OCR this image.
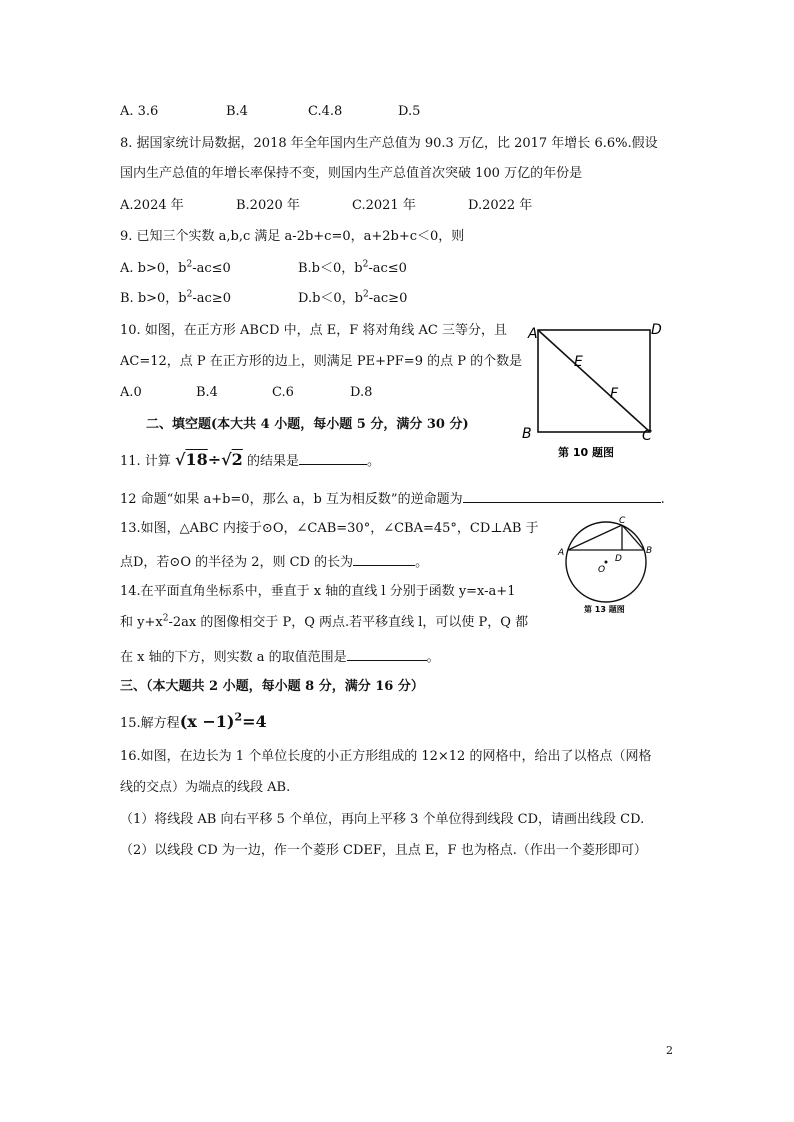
A. 3.6	B.4	C.4.8	D.5
8. 据国家统计局数据，2018 年全年国内生产总值为 90.3 万亿，比 2017 年增长 6.6%.假设
国内生产总值的年增长率保持不变，则国内生产总值首次突破 100 万亿的年份是
A.2024 年	B.2020 年	C.2021 年	D.2022 年
9. 已知三个实数 a,b,c 满足 a-2b+c=0，a+2b+c＜0，则
A. b>0，$b^2-ac\le 0$	B.b＜0，$b^2-ac\le 0$
B. b>0，$b^2-ac\ge 0$	D.b＜0，$b^2-ac\ge 0$
10. 如图，在正方形 ABCD 中，点 E，F 将对角线 AC 三等分，且
AC=12，点 P 在正方形的边上，则满足 PE+PF=9 的点 P 的个数是
A.0	B.4	C.6	D.8
A	D
B	C
E
F
第 10 题图
二、填空题(本大共 4 小题，每小题 5 分，满分 30 分)
11. 计算 √18÷√2 的结果是	。
12 命题“如果 a+b=0，那么 a，b 互为相反数”的逆命题为	.
13.如图，△ABC 内接于⊙O，∠CAB=30°，∠CBA=45°，CD⊥AB 于
点D，若⊙O 的半径为 2，则 CD 的长为	。
A	B
C
D
O
第 13 题图
14.在平面直角坐标系中，垂直于 x 轴的直线 l 分别于函数 y=x-a+1
和 $y+x^2-2ax$ 的图像相交于 P，Q 两点.若平移直线 l，可以使 P，Q 都
在 x 轴的下方，则实数 a 的取值范围是	。
三、（本大题共 2 小题，每小题 8 分，满分 16 分）
15.解方程$(x -1)^2=4$
16.如图，在边长为 1 个单位长度的小正方形组成的 12×12 的网格中，给出了以格点（网格
线的交点）为端点的线段 AB.
（1）将线段 AB 向右平移 5 个单位，再向上平移 3 个单位得到线段 CD，请画出线段 CD.
（2）以线段 CD 为一边，作一个菱形 CDEF，且点 E，F 也为格点.（作出一个菱形即可）
2
